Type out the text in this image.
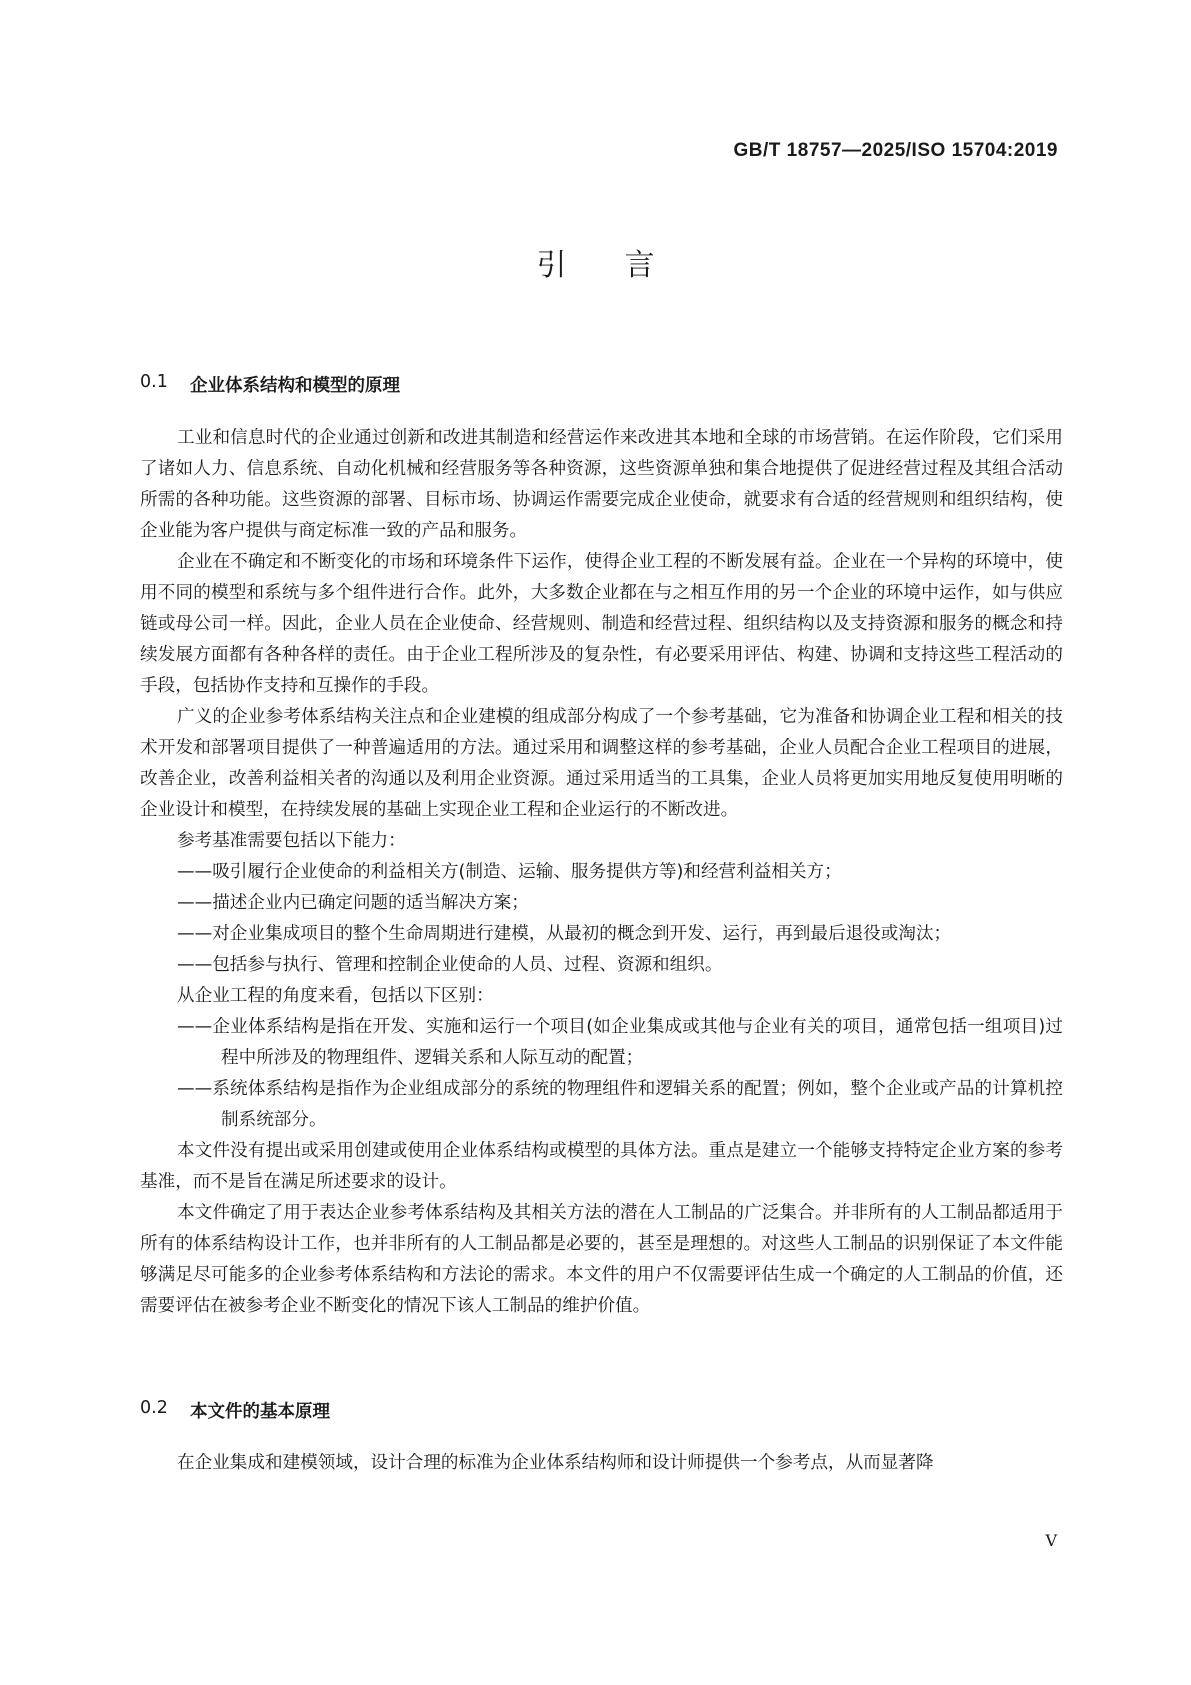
GB/T 18757—2025/ISO 15704:2019
引言
0.1	企业体系结构和模型的原理

工业和信息时代的企业通过创新和改进其制造和经营运作来改进其本地和全球的市场营销。在运作阶段，它们采用了诸如人力、信息系统、自动化机械和经营服务等各种资源，这些资源单独和集合地提供了促进经营过程及其组合活动所需的各种功能。这些资源的部署、目标市场、协调运作需要完成企业使命，就要求有合适的经营规则和组织结构，使企业能为客户提供与商定标准一致的产品和服务。

企业在不确定和不断变化的市场和环境条件下运作，使得企业工程的不断发展有益。企业在一个异构的环境中，使用不同的模型和系统与多个组件进行合作。此外，大多数企业都在与之相互作用的另一个企业的环境中运作，如与供应链或母公司一样。因此，企业人员在企业使命、经营规则、制造和经营过程、组织结构以及支持资源和服务的概念和持续发展方面都有各种各样的责任。由于企业工程所涉及的复杂性，有必要采用评估、构建、协调和支持这些工程活动的手段，包括协作支持和互操作的手段。

广义的企业参考体系结构关注点和企业建模的组成部分构成了一个参考基础，它为准备和协调企业工程和相关的技术开发和部署项目提供了一种普遍适用的方法。通过采用和调整这样的参考基础，企业人员配合企业工程项目的进展，改善企业，改善利益相关者的沟通以及利用企业资源。通过采用适当的工具集，企业人员将更加实用地反复使用明晰的企业设计和模型，在持续发展的基础上实现企业工程和企业运行的不断改进。

参考基准需要包括以下能力：

——吸引履行企业使命的利益相关方(制造、运输、服务提供方等)和经营利益相关方；

——描述企业内已确定问题的适当解决方案；

——对企业集成项目的整个生命周期进行建模，从最初的概念到开发、运行，再到最后退役或淘汰；

——包括参与执行、管理和控制企业使命的人员、过程、资源和组织。

从企业工程的角度来看，包括以下区别：

——企业体系结构是指在开发、实施和运行一个项目(如企业集成或其他与企业有关的项目，通常包括一组项目)过程中所涉及的物理组件、逻辑关系和人际互动的配置；

——系统体系结构是指作为企业组成部分的系统的物理组件和逻辑关系的配置；例如，整个企业或产品的计算机控制系统部分。

本文件没有提出或采用创建或使用企业体系结构或模型的具体方法。重点是建立一个能够支持特定企业方案的参考基准，而不是旨在满足所述要求的设计。

本文件确定了用于表达企业参考体系结构及其相关方法的潜在人工制品的广泛集合。并非所有的人工制品都适用于所有的体系结构设计工作，也并非所有的人工制品都是必要的，甚至是理想的。对这些人工制品的识别保证了本文件能够满足尽可能多的企业参考体系结构和方法论的需求。本文件的用户不仅需要评估生成一个确定的人工制品的价值，还需要评估在被参考企业不断变化的情况下该人工制品的维护价值。

0.2	本文件的基本原理

在企业集成和建模领域，设计合理的标准为企业体系结构师和设计师提供一个参考点，从而显著降

V
